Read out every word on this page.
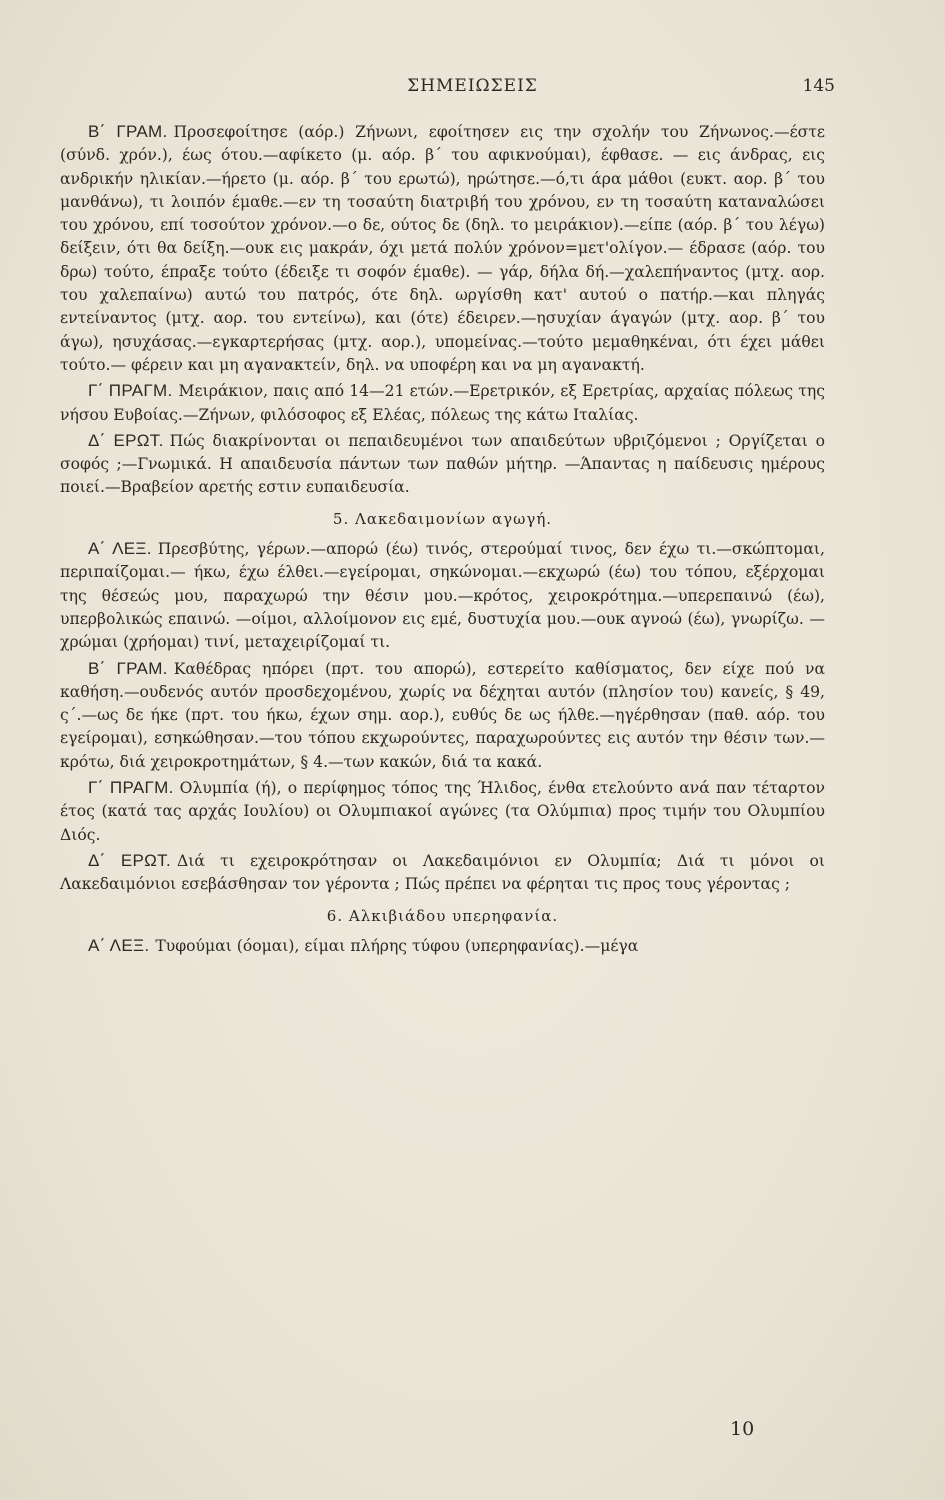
ΣΗΜΕΙΩΣΕΙΣ	145

Β΄ ΓΡΑΜ. Προσεφοίτησε (αόρ.) Ζήνωνι, εφοίτησεν εις την σχολήν του Ζήνωνος.—έστε (σύνδ. χρόν.), έως ότου.—αφίκετο (μ. αόρ. β΄ του αφικνούμαι), έφθασε. — εις άνδρας, εις ανδρικήν ηλικίαν.—ήρετο (μ. αόρ. β΄ του ερωτώ), ηρώτησε.—ό,τι άρα μάθοι (ευκτ. αορ. β΄ του μανθάνω), τι λοιπόν έμαθε.—εν τη τοσαύτη διατριβή του χρόνου, εν τη τοσαύτη καταναλώσει του χρόνου, επί τοσούτον χρόνον.—ο δε, ούτος δε (δηλ. το μειράκιον).—είπε (αόρ. β΄ του λέγω) δείξειν, ότι θα δείξη.—ουκ εις μακράν, όχι μετά πολύν χρόνον=μετ'ολίγον.— έδρασε (αόρ. του δρω) τούτο, έπραξε τούτο (έδειξε τι σοφόν έμαθε). — γάρ, δήλα δή.—χαλεπήναντος (μτχ. αορ. του χαλεπαίνω) αυτώ του πατρός, ότε δηλ. ωργίσθη κατ' αυτού ο πατήρ.—και πληγάς εντείναντος (μτχ. αορ. του εντείνω), και (ότε) έδειρεν.—ησυχίαν άγαγών (μτχ. αορ. β΄ του άγω), ησυχάσας.—εγκαρτερήσας (μτχ. αορ.), υπομείνας.—τούτο μεμαθηκέναι, ότι έχει μάθει τούτο.— φέρειν και μη αγανακτείν, δηλ. να υποφέρη και να μη αγανακτή.

Γ΄ ΠΡΑΓΜ. Μειράκιον, παις από 14—21 ετών.—Ερετρικόν, εξ Ερετρίας, αρχαίας πόλεως της νήσου Ευβοίας.—Ζήνων, φιλόσοφος εξ Ελέας, πόλεως της κάτω Ιταλίας.

Δ΄ ΕΡΩΤ. Πώς διακρίνονται οι πεπαιδευμένοι των απαιδεύτων υβριζόμενοι ; Οργίζεται ο σοφός ;—Γνωμικά. Η απαιδευσία πάντων των παθών μήτηρ. —Άπαντας η παίδευσις ημέρους ποιεί.—Βραβείον αρετής εστιν ευπαιδευσία.

5. Λακεδαιμονίων αγωγή.

Α΄ ΛΕΞ. Πρεσβύτης, γέρων.—απορώ (έω) τινός, στερούμαί τινος, δεν έχω τι.—σκώπτομαι, περιπαίζομαι.— ήκω, έχω έλθει.—εγείρομαι, σηκώνομαι.—εκχωρώ (έω) του τόπου, εξέρχομαι της θέσεώς μου, παραχωρώ την θέσιν μου.—κρότος, χειροκρότημα.—υπερεπαινώ (έω), υπερβολικώς επαινώ. —οίμοι, αλλοίμονον εις εμέ, δυστυχία μου.—ουκ αγνοώ (έω), γνωρίζω. — χρώμαι (χρήομαι) τινί, μεταχειρίζομαί τι.

Β΄ ΓΡΑΜ. Καθέδρας ηπόρει (πρτ. του απορώ), εστερείτο καθίσματος, δεν είχε πού να καθήση.—ουδενός αυτόν προσδεχομένου, χωρίς να δέχηται αυτόν (πλησίον του) κανείς, § 49, ς΄.—ως δε ήκε (πρτ. του ήκω, έχων σημ. αορ.), ευθύς δε ως ήλθε.—ηγέρθησαν (παθ. αόρ. του εγείρομαι), εσηκώθησαν.—του τόπου εκχωρούντες, παραχωρούντες εις αυτόν την θέσιν των.—κρότω, διά χειροκροτημάτων, § 4.—των κακών, διά τα κακά.

Γ΄ ΠΡΑΓΜ. Ολυμπία (ή), ο περίφημος τόπος της Ήλιδος, ένθα ετελούντο ανά παν τέταρτον έτος (κατά τας αρχάς Ιουλίου) οι Ολυμπιακοί αγώνες (τα Ολύμπια) προς τιμήν του Ολυμπίου Διός.

Δ΄ ΕΡΩΤ. Διά τι εχειροκρότησαν οι Λακεδαιμόνιοι εν Ολυμπία; Διά τι μόνοι οι Λακεδαιμόνιοι εσεβάσθησαν τον γέροντα ; Πώς πρέπει να φέρηται τις προς τους γέροντας ;

6. Αλκιβιάδου υπερηφανία.

Α΄ ΛΕΞ. Τυφούμαι (όομαι), είμαι πλήρης τύφου (υπερηφανίας).—μέγα

10
